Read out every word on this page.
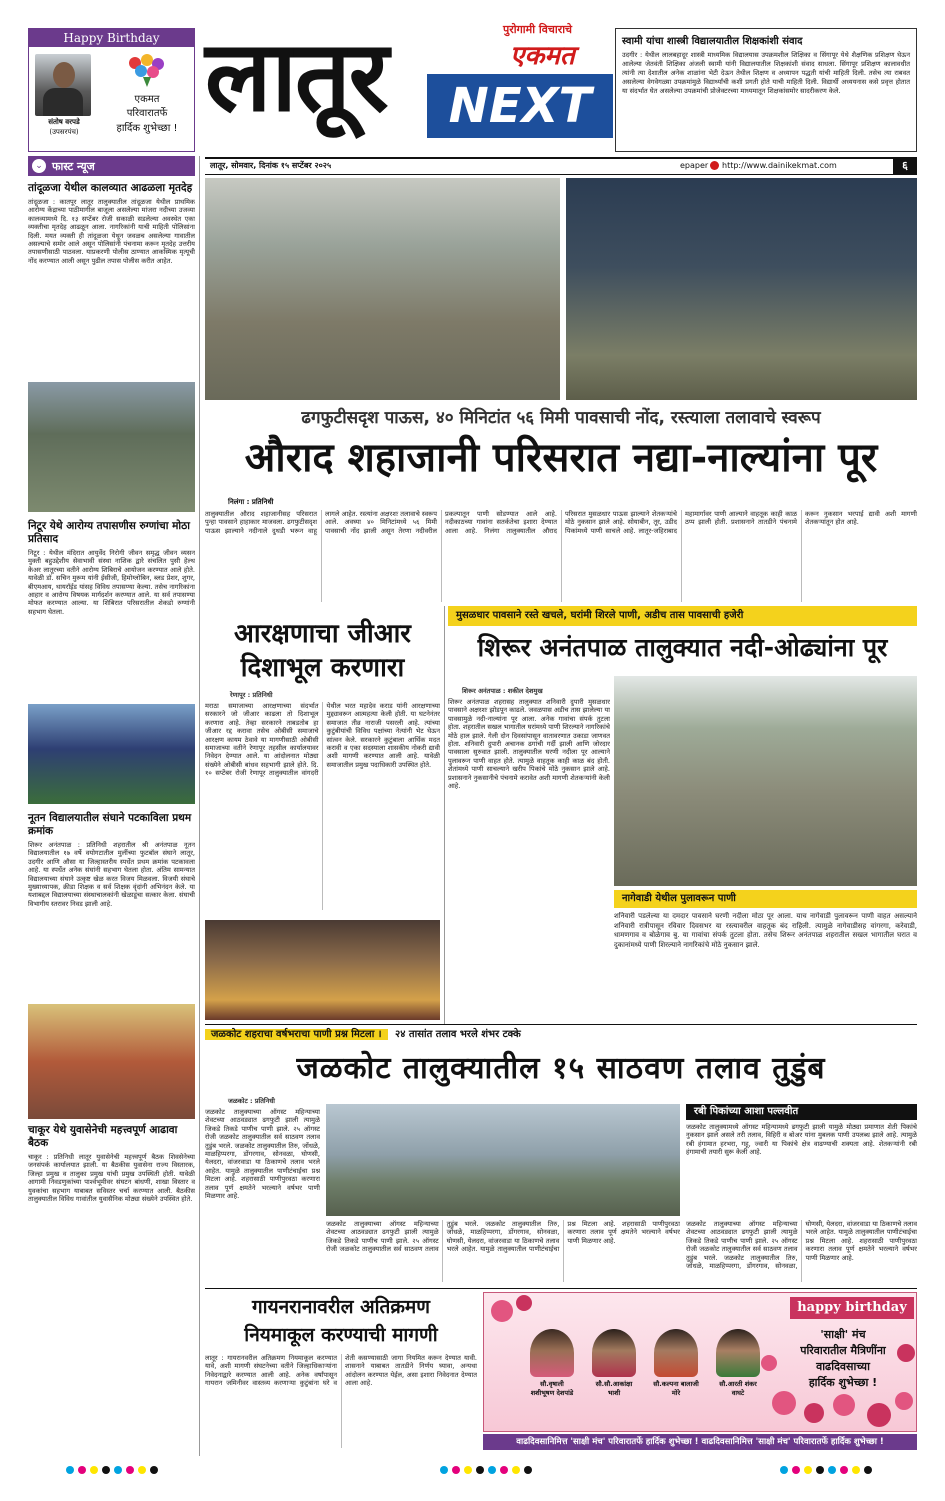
Happy Birthday
संतोष वरपडे
(उपसरपंच)
एकमत
परिवारातर्फे
हार्दिक शुभेच्छा ! लातूर	पुरोगामी विचाराचे
एकमत
NEXT
स्वामी यांचा शास्त्री विद्यालयातील शिक्षकांशी संवाद
उदगीर : येथील लालबहादूर शास्त्री माध्यमिक विद्यालयास उपक्रमशील शिक्षिका व सिंगापूर येथे शैक्षणिक प्रशिक्षण घेऊन आलेल्या जेतवंती शिक्षिका अंजली स्वामी यांनी विद्यालयातील शिक्षकांशी संवाद साधला. सिंगापूर प्रशिक्षण कालावधीत त्यांनी त्या देशातील अनेक शाळांना भेटी देऊन तेथील शिक्षण व अध्यापन पद्धती यांची माहिती दिली. तसेच त्या राबवत असलेल्या वेगवेगळ्या उपक्रमांमुळे विद्यार्थ्यांची कशी प्रगती होते याची माहिती दिली. विद्यार्थी अध्ययनास कसे प्रवृत्त होतात या संदर्भात घेत असलेल्या उपक्रमांची प्रोजेक्टरच्या माध्यमातून शिक्षकांसमोर सादरीकरण केले.
लातूर, सोमवार, दिनांक १५ सप्टेंबर २०२५	epaper http://www.dainikekmat.com	६
⌄ फास्ट न्यूज
तांदूळजा येथील कालव्यात आढळला मृतदेह
तांदूळजा : कातपूर लातूर तालुक्यातील तांदूळजा येथील प्राथमिक आरोग्य केंद्राच्या पाठीमागील बाजूला असलेल्या मांजरा नदीच्या उजव्या कालव्यामध्ये दि. १३ सप्टेंबर रोजी सकाळी सडलेल्या अवस्थेत एका व्यक्तीचा मृतदेह आढळून आला. नागरिकांनी याची माहिती पोलिसांना दिली. मयत व्यक्ती ही तांदूळजा येथून जवळच असलेल्या गावातील असल्याचे समोर आले असून पोलिसांनी पंचनामा करून मृतदेह उत्तरीय तपासणीसाठी पाठवला. याप्रकरणी पोलीस ठाण्यात आकस्मिक मृत्यूची नोंद करण्यात आली असून पुढील तपास पोलीस करीत आहेत.
निटूर येथे आरोग्य तपासणीस रुग्णांचा मोठा प्रतिसाद
निटूर : येथील मंदिरात आयुर्वेद निरोगी जीवन समृद्ध जीवन व्यसन मुक्ती बहुउद्देशीय सेवाभावी संस्था नाशिक द्वारे संचलित पुसी हेल्थ केअर लातूरच्या वतीने आरोग्य शिबिराचे आयोजन करण्यात आले होते. यावेळी डॉ. सचिन मुरूम यांनी ईसीजी, हिमोग्लोबिन, ब्लड प्रेशर, शुगर, बीएमआय, थायरॉईड यांसह विविध तपासण्या केल्या. तसेच नागरिकांना आहार व आरोग्य विषयक मार्गदर्शन करण्यात आले. या सर्व तपासण्या मोफत करण्यात आल्या. या शिबिरात परिसरातील शेकडो रुग्णांनी सहभाग घेतला.
नूतन विद्यालयातील संघाने पटकाविला प्रथम क्रमांक
शिरूर अनंतपाळ : प्रतिनिधी शहरातील श्री अनंतपाळ नूतन विद्यालयातील १७ वर्षे वयोगटातील मुलींच्या फुटबॉल संघाने लातूर, उदगीर आणि औसा या जिल्हास्तरीय स्पर्धेत प्रथम क्रमांक पटकावला आहे. या स्पर्धेत अनेक संघांनी सहभाग घेतला होता. अंतिम सामन्यात विद्यालयाच्या संघाने उत्कृष्ट खेळ करत विजय मिळवला. विजयी संघाचे मुख्याध्यापक, क्रीडा शिक्षक व सर्व शिक्षक वृंदांनी अभिनंदन केले. या यशाबद्दल विद्यालयाच्या संस्थाचालकांनी खेळाडूंचा सत्कार केला. संघाची विभागीय स्तरावर निवड झाली आहे.
चाकूर येथे युवासेनेची महत्त्वपूर्ण आढावा बैठक
चाकूर : प्रतिनिधी लातूर युवासेनेची महत्त्वपूर्ण बैठक शिवसेनेच्या जनसंपर्क कार्यालयात झाली. या बैठकीस युवासेना राज्य विस्तारक, जिल्हा प्रमुख व तालुका प्रमुख यांची प्रमुख उपस्थिती होती. यावेळी आगामी निवडणुकांच्या पार्श्वभूमीवर संघटन बांधणी, शाखा विस्तार व युवकांचा सहभाग याबाबत सविस्तर चर्चा करण्यात आली. बैठकीस तालुक्यातील विविध गावांतील युवासैनिक मोठ्या संख्येने उपस्थित होते.
ढगफुटीसदृश पाऊस, ४० मिनिटांत ५६ मिमी पावसाची नोंद, रस्त्याला तलावाचे स्वरूप
औराद शहाजानी परिसरात नद्या-नाल्यांना पूर
निलंगा : प्रतिनिधी
तालुक्यातील औराद शहाजानीसह परिसरात पुन्हा पावसाने हाहाकार माजवला. ढगफुटीसदृश पाऊस झाल्याने नदीनाले दुथडी भरून वाहू लागले आहेत. रस्त्यांना अक्षरशः तलावाचे स्वरूप आले. अवघ्या ४० मिनिटांमध्ये ५६ मिमी पावसाची नोंद झाली असून तेरणा नदीवरील प्रकल्पातून पाणी सोडण्यात आले आहे. नदीकाठच्या गावांना सतर्कतेचा इशारा देण्यात आला आहे. निलंगा तालुक्यातील औराद परिसरात मुसळधार पाऊस झाल्याने शेतकऱ्यांचे मोठे नुकसान झाले आहे. सोयाबीन, तूर, उडीद पिकांमध्ये पाणी साचले आहे. लातूर-जहिराबाद महामार्गावर पाणी आल्याने वाहतूक काही काळ ठप्प झाली होती. प्रशासनाने तातडीने पंचनामे करून नुकसान भरपाई द्यावी अशी मागणी शेतकऱ्यांतून होत आहे.
आरक्षणाचा जीआर
दिशाभूल करणारा
रेणापूर : प्रतिनिधी
मराठा समाजाच्या आरक्षणाच्या संदर्भात सरकारने जो जीआर काढला तो दिशाभूल करणारा आहे. तेव्हा सरकारने ताबडतोब हा जीआर रद्द करावा तसेच ओबीसी समाजाचे आरक्षण कायम ठेवावे या मागणीसाठी ओबीसी समाजाच्या वतीने रेणापूर तहसील कार्यालयावर निवेदन देण्यात आले. या आंदोलनात मोठ्या संख्येने ओबीसी बांधव सहभागी झाले होते. दि. १० सप्टेंबर रोजी रेणापूर तालुक्यातील वांगदरी येथील भरत महादेव कराड यांनी आरक्षणाच्या मुद्द्यावरून आत्महत्या केली होती. या घटनेनंतर समाजात तीव्र नाराजी पसरली आहे. त्यांच्या कुटुंबीयांची विविध पक्षांच्या नेत्यांनी भेट घेऊन सांत्वन केले. सरकारने कुटुंबाला आर्थिक मदत करावी व एका सदस्याला शासकीय नोकरी द्यावी अशी मागणी करण्यात आली आहे. यावेळी समाजातील प्रमुख पदाधिकारी उपस्थित होते.
मुसळधार पावसाने रस्ते खचले, घरांमी शिरले पाणी, अडीच तास पावसाची हजेरी
शिरूर अनंतपाळ तालुक्यात नदी-ओढ्यांना पूर
शिरूर अनंतपाळ : शकील देशमुख
शिरूर अनंतपाळ शहरासह तालुक्यात शनिवारी दुपारी मुसळधार पावसाने अक्षरशः झोडपून काढले. जवळपास अडीच तास झालेल्या या पावसामुळे नदी-नाल्यांना पूर आला. अनेक गावांचा संपर्क तुटला होता. शहरातील सखल भागातील घरांमध्ये पाणी शिरल्याने नागरिकांचे मोठे हाल झाले. गेली दोन दिवसांपासून वातावरणात उकाडा जाणवत होता. शनिवारी दुपारी अचानक ढगांची गर्दी झाली आणि जोरदार पावसाला सुरुवात झाली. तालुक्यातील घरणी नदीला पूर आल्याने पुलावरून पाणी वाहत होते. त्यामुळे वाहतूक काही काळ बंद होती. शेतांमध्ये पाणी साचल्याने खरीप पिकांचे मोठे नुकसान झाले आहे. प्रशासनाने नुकसानीचे पंचनामे करावेत अशी मागणी शेतकऱ्यांनी केली आहे.
नागेवाडी येथील पुलावरून पाणी
शनिवारी पडलेल्या या दमदार पावसाने घरणी नदीला मोठा पूर आला. याच नागेवाडी पुलावरून पाणी वाहत असल्याने शनिवारी रात्रीपासून रविवार दिवसभर या रस्त्यावरील वाहतूक बंद राहिली. त्यामुळे नागेवाडीसह वांगरगा, करेवाडी, धामणगाव व बोळेगाव बु. या गावांचा संपर्क तुटला होता. तसेच शिरूर अनंतपाळ शहरातील सखल भागातील घरात व दुकानांमध्ये पाणी शिरल्याने नागरिकांचे मोठे नुकसान झाले.
जळकोट शहराचा वर्षभराचा पाणी प्रश्न मिटला । २४ तासांत तलाव भरले शंभर टक्के
जळकोट तालुक्यातील १५ साठवण तलाव तुडुंब
जळकोट : प्रतिनिधी
जळकोट तालुक्याच्या ऑगस्ट महिन्याच्या शेवटच्या आठवड्यात ढगफुटी झाली त्यामुळे जिकडे तिकडे पाणीच पाणी झाले. २५ ऑगस्ट रोजी जळकोट तालुक्यातील सर्व साठवण तलाव तुडुंब भरले. जळकोट तालुक्यातील तिरु, जोंधळे, माळहिप्परगा, डोंगरगाव, सोनवळा, घोणसी, येलदरा, वांजरवाडा या ठिकाणचे तलाव भरले आहेत. यामुळे तालुक्यातील पाणीटंचाईचा प्रश्न मिटला आहे. शहरासाठी पाणीपुरवठा करणारा तलाव पूर्ण क्षमतेने भरल्याने वर्षभर पाणी मिळणार आहे.
जळकोट तालुक्याच्या ऑगस्ट महिन्याच्या शेवटच्या आठवड्यात ढगफुटी झाली त्यामुळे जिकडे तिकडे पाणीच पाणी झाले. २५ ऑगस्ट रोजी जळकोट तालुक्यातील सर्व साठवण तलाव तुडुंब भरले. जळकोट तालुक्यातील तिरु, जोंधळे, माळहिप्परगा, डोंगरगाव, सोनवळा, घोणसी, येलदरा, वांजरवाडा या ठिकाणचे तलाव भरले आहेत. यामुळे तालुक्यातील पाणीटंचाईचा प्रश्न मिटला आहे. शहरासाठी पाणीपुरवठा करणारा तलाव पूर्ण क्षमतेने भरल्याने वर्षभर पाणी मिळणार आहे.
रबी पिकांच्या आशा पल्लवीत
जळकोट तालुक्यामध्ये ऑगस्ट महिन्यामध्ये ढगफुटी झाली यामुळे मोठ्या प्रमाणात शेती पिकांचे नुकसान झाले असले तरी तलाव, विहिरी व बोअर यांना मुबलक पाणी उपलब्ध झाले आहे. त्यामुळे रबी हंगामात हरभरा, गहू, ज्वारी या पिकांचे क्षेत्र वाढण्याची शक्यता आहे. शेतकऱ्यांनी रबी हंगामाची तयारी सुरू केली आहे.
जळकोट तालुक्याच्या ऑगस्ट महिन्याच्या शेवटच्या आठवड्यात ढगफुटी झाली त्यामुळे जिकडे तिकडे पाणीच पाणी झाले. २५ ऑगस्ट रोजी जळकोट तालुक्यातील सर्व साठवण तलाव तुडुंब भरले. जळकोट तालुक्यातील तिरु, जोंधळे, माळहिप्परगा, डोंगरगाव, सोनवळा, घोणसी, येलदरा, वांजरवाडा या ठिकाणचे तलाव भरले आहेत. यामुळे तालुक्यातील पाणीटंचाईचा प्रश्न मिटला आहे. शहरासाठी पाणीपुरवठा करणारा तलाव पूर्ण क्षमतेने भरल्याने वर्षभर पाणी मिळणार आहे.
गायनरानावरील अतिक्रमण
नियमाकूल करण्याची मागणी
लातूर : गायरानवरील अतिक्रमण नियमाकूल करण्यात यावे, अशी मागणी संघटनेच्या वतीने जिल्हाधिकाऱ्यांना निवेदनाद्वारे करण्यात आली आहे. अनेक वर्षांपासून गायरान जमिनीवर वास्तव्य करणाऱ्या कुटुंबांना घरे व शेती कसण्यासाठी जागा नियमित करून देण्यात यावी. शासनाने याबाबत तातडीने निर्णय घ्यावा, अन्यथा आंदोलन करण्यात येईल, असा इशारा निवेदनात देण्यात आला आहे.
happy birthday
'साक्षी' मंच
परिवारातील मैत्रिणींना
वाढदिवसाच्या
हार्दिक शुभेच्छा !
सौ.वृषाली
शशीभूषण देशपांडे
सौ.सौ.आकांक्षा
भाशी
सौ.कल्पना बालाजी
मोरे
सौ.आरती शंकर
वाघटे
वाढदिवसानिमित्त 'साक्षी मंच' परिवारातर्फे हार्दिक शुभेच्छा ! वाढदिवसानिमित्त 'साक्षी मंच' परिवारातर्फे हार्दिक शुभेच्छा !
